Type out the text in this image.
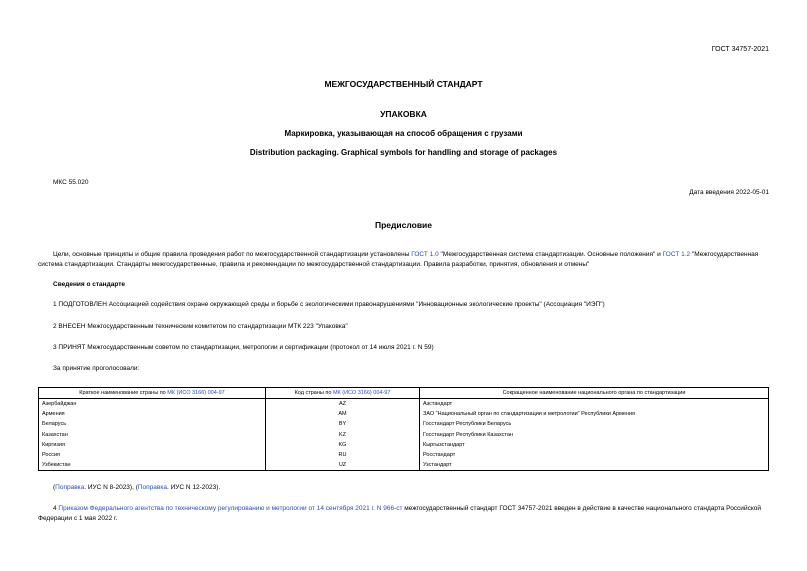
ГОСТ 34757-2021
МЕЖГОСУДАРСТВЕННЫЙ СТАНДАРТ
УПАКОВКА
Маркировка, указывающая на способ обращения с грузами
Distribution packaging. Graphical symbols for handling and storage of packages
МКС 55.020
Дата введения 2022-05-01
Предисловие
Цели, основные принципы и общие правила проведения работ по межгосударственной стандартизации установлены ГОСТ 1.0 "Межгосударственная система стандартизации. Основные положения" и ГОСТ 1.2 "Межгосударственная система стандартизации. Стандарты межгосударственные, правила и рекомендации по межгосударственной стандартизации. Правила разработки, принятия, обновления и отмены"
Сведения о стандарте
1 ПОДГОТОВЛЕН Ассоциацией содействия охране окружающей среды и борьбе с экологическими правонарушениями "Инновационные экологические проекты" (Ассоциация "ИЭП")
2 ВНЕСЕН Межгосударственным техническим комитетом по стандартизации МТК 223 "Упаковка"
3 ПРИНЯТ Межгосударственным советом по стандартизации, метрологии и сертификации (протокол от 14 июля 2021 г. N 59)
За принятие проголосовали:
Краткое наименование страны по МК (ИСО 3166) 004-97	Код страны по МК (ИСО 3166) 004-97	Сокращенное наименование национального органа по стандартизации
Азербайджан	AZ	Азстандарт
Армения	AM	ЗАО "Национальный орган по стандартизации и метрологии" Республики Армения
Беларусь	BY	Госстандарт Республики Беларусь
Казахстан	KZ	Госстандарт Республики Казахстан
Киргизия	KG	Кыргызстандарт
Россия	RU	Росстандарт
Узбекистан	UZ	Узстандарт
(Поправка. ИУС N 8-2023), (Поправка. ИУС N 12-2023).
4 Приказом Федерального агентства по техническому регулированию и метрологии от 14 сентября 2021 г. N 966-ст межгосударственный стандарт ГОСТ 34757-2021 введен в действие в качестве национального стандарта Российской Федерации с 1 мая 2022 г.
